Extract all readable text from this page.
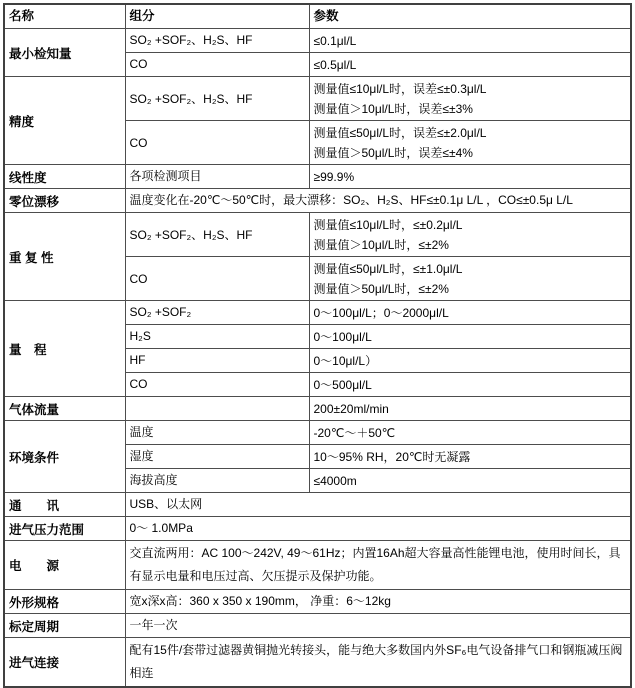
名称	组分	参数
最小检知量	SO₂ +SOF₂、H₂S、HF	≤0.1μl/L

	CO	≤0.5μl/L

精度	SO₂ +SOF₂、H₂S、HF	测量值≤10μl/L时，误差≤±0.3μl/L
测量值＞10μl/L时，误差≤±3%

	CO	测量值≤50μl/L时，误差≤±2.0μl/L
测量值＞50μl/L时，误差≤±4%

线性度	各项检测项目	≥99.9%

零位漂移	温度变化在-20℃～50℃时，最大漂移：SO₂、H₂S、HF≤±0.1μ L/L ，CO≤±0.5μ L/L	
重 复 性	SO₂ +SOF₂、H₂S、HF	测量值≤10μl/L时，≤±0.2μl/L
测量值＞10μl/L时，≤±2%

	CO	测量值≤50μl/L时，≤±1.0μl/L
测量值＞50μl/L时，≤±2%

量　程	SO₂ +SOF₂	0～100μl/L；0～2000μl/L

	H₂S	0～100μl/L

	HF	0～10μl/L）

	CO	0～500μl/L

气体流量		200±20ml/min

环境条件	温度	-20℃～＋50℃

	湿度	10～95% RH，20℃时无凝露

	海拔高度	≤4000m

通　　讯	USB、以太网	
进气压力范围	0～ 1.0MPa	
电　　源	交直流两用：AC 100～242V, 49～61Hz；内置16Ah超大容量高性能锂电池，使用时间长，具有显示电量和电压过高、欠压提示及保护功能。	
外形规格	宽x深x高：360 x 350 x 190mm， 净重：6～12kg	
标定周期	一年一次	
进气连接	配有15件/套带过滤器黄铜抛光转接头，能与绝大多数国内外SF₆电气设备排气口和钢瓶减压阀相连	
